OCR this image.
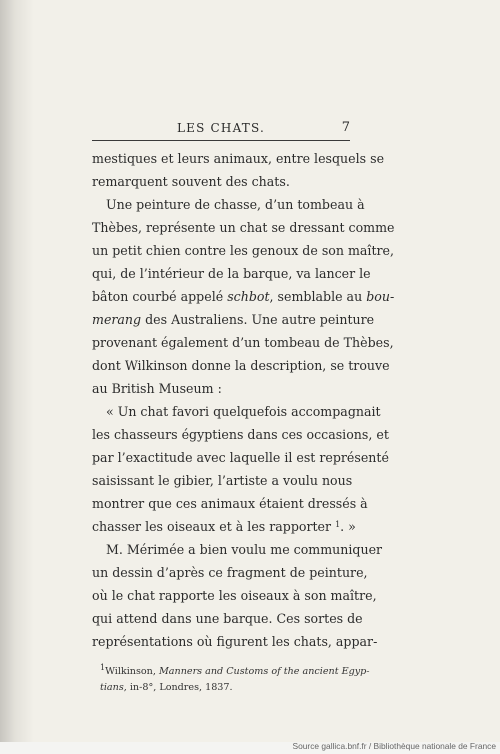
LES CHATS.	7
mestiques et leurs animaux, entre lesquels se
remarquent souvent des chats.
Une peinture de chasse, d’un tombeau à
Thèbes, représente un chat se dressant comme
un petit chien contre les genoux de son maître,
qui, de l’intérieur de la barque, va lancer le
bâton courbé appelé schbot, semblable au bou-
merang des Australiens. Une autre peinture
provenant également d’un tombeau de Thèbes,
dont Wilkinson donne la description, se trouve
au British Museum :
« Un chat favori quelquefois accompagnait
les chasseurs égyptiens dans ces occasions, et
par l’exactitude avec laquelle il est représenté
saisissant le gibier, l’artiste a voulu nous
montrer que ces animaux étaient dressés à
chasser les oiseaux et à les rapporter $^1$. »
M. Mérimée a bien voulu me communiquer
un dessin d’après ce fragment de peinture,
où le chat rapporte les oiseaux à son maître,
qui attend dans une barque. Ces sortes de
représentations où figurent les chats, appar-
$^1$Wilkinson, Manners and Customs of the ancient Egyp-
tians, in-8°, Londres, 1837.
Source gallica.bnf.fr / Bibliothèque nationale de France
